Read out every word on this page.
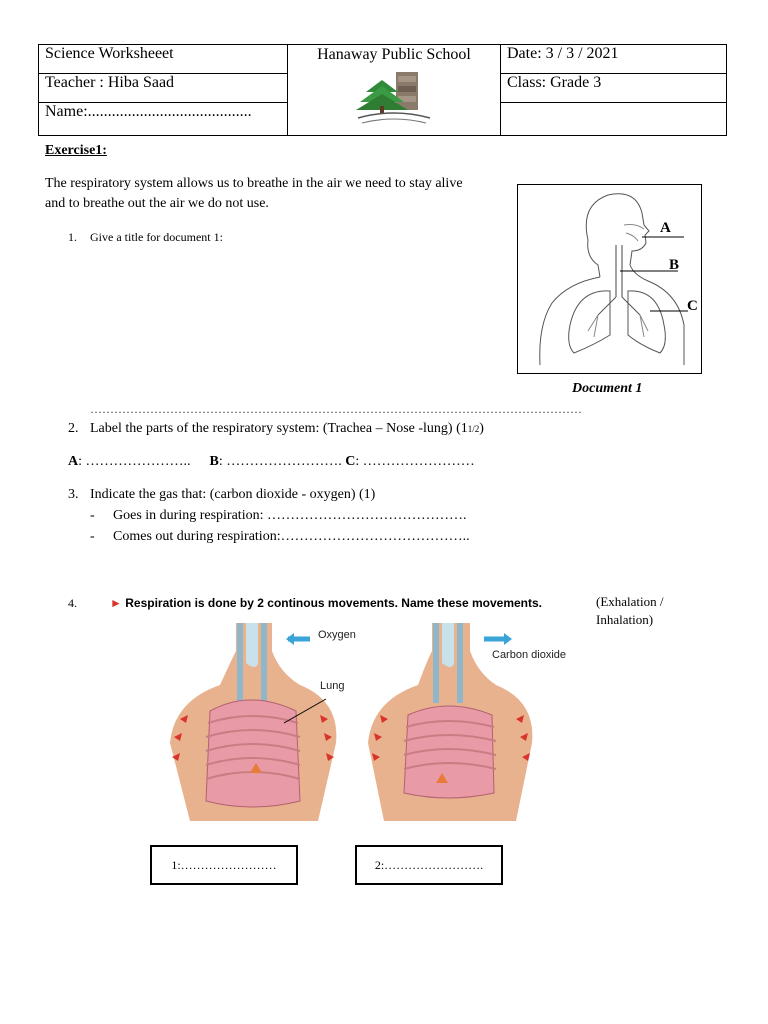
Science Worksheeet	Hanaway Public School	Date: 3 / 3 / 2021
Teacher : Hiba Saad		Class: Grade 3
Name:.........................................		
Exercise1:
The respiratory system allows us to breathe in the air we need to stay alive
and to breathe out the air we do not use.
1. Give a title for document 1:
A
B
C
Document 1
……………………………………………………………………………………………………………
2. Label the parts of the respiratory system: (Trachea – Nose -lung) (11/2)
A: ………………….. B: ……………………. C: ……………………
3. Indicate the gas that: (carbon dioxide - oxygen) (1)
- Goes in during respiration: …………………………………….
- Comes out during respiration:…………………………………..
4.	► Respiration is done by 2 continous movements. Name these movements.	(Exhalation /
Inhalation)
Oxygen
Lung
Carbon dioxide
1:……………………	2:…………………….
